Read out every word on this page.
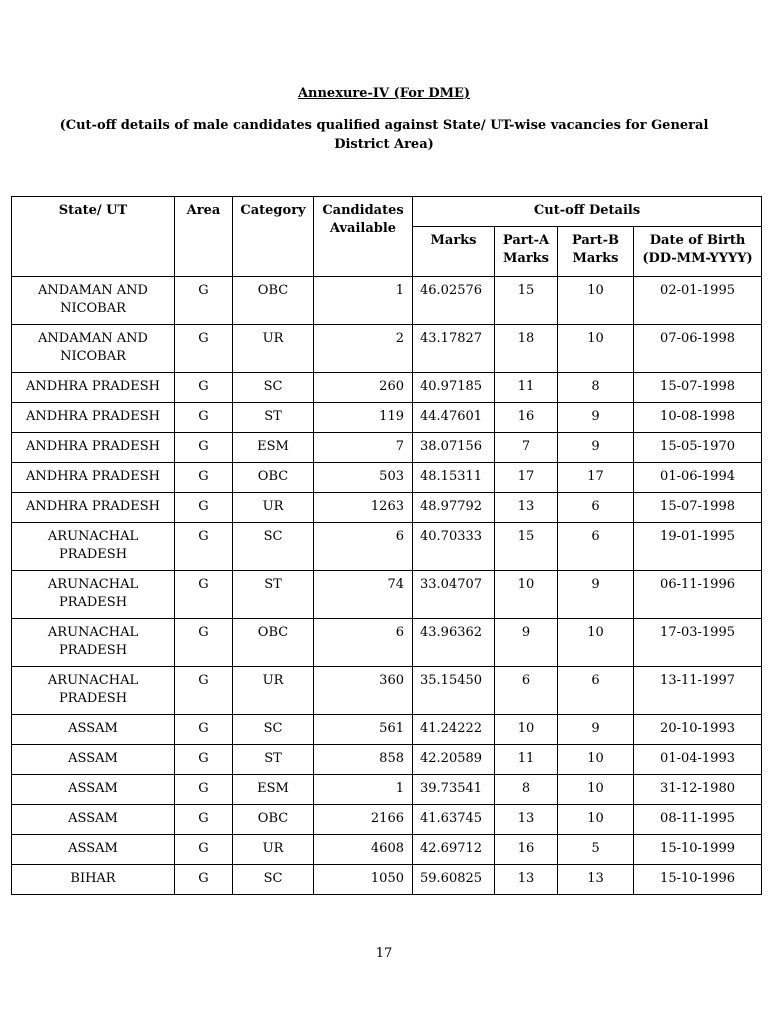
Annexure-IV (For DME)
(Cut-off details of male candidates qualified against State/ UT-wise vacancies for General District Area)
State/ UT	Area	Category	Candidates Available	Cut-off Details			
				Marks	Part-A Marks	Part-B Marks	Date of Birth (DD-MM-YYYY)
ANDAMAN AND NICOBAR	G	OBC	1	46.02576	15	10	02-01-1995
ANDAMAN AND NICOBAR	G	UR	2	43.17827	18	10	07-06-1998
ANDHRA PRADESH	G	SC	260	40.97185	11	8	15-07-1998
ANDHRA PRADESH	G	ST	119	44.47601	16	9	10-08-1998
ANDHRA PRADESH	G	ESM	7	38.07156	7	9	15-05-1970
ANDHRA PRADESH	G	OBC	503	48.15311	17	17	01-06-1994
ANDHRA PRADESH	G	UR	1263	48.97792	13	6	15-07-1998
ARUNACHAL PRADESH	G	SC	6	40.70333	15	6	19-01-1995
ARUNACHAL PRADESH	G	ST	74	33.04707	10	9	06-11-1996
ARUNACHAL PRADESH	G	OBC	6	43.96362	9	10	17-03-1995
ARUNACHAL PRADESH	G	UR	360	35.15450	6	6	13-11-1997
ASSAM	G	SC	561	41.24222	10	9	20-10-1993
ASSAM	G	ST	858	42.20589	11	10	01-04-1993
ASSAM	G	ESM	1	39.73541	8	10	31-12-1980
ASSAM	G	OBC	2166	41.63745	13	10	08-11-1995
ASSAM	G	UR	4608	42.69712	16	5	15-10-1999
BIHAR	G	SC	1050	59.60825	13	13	15-10-1996
17
